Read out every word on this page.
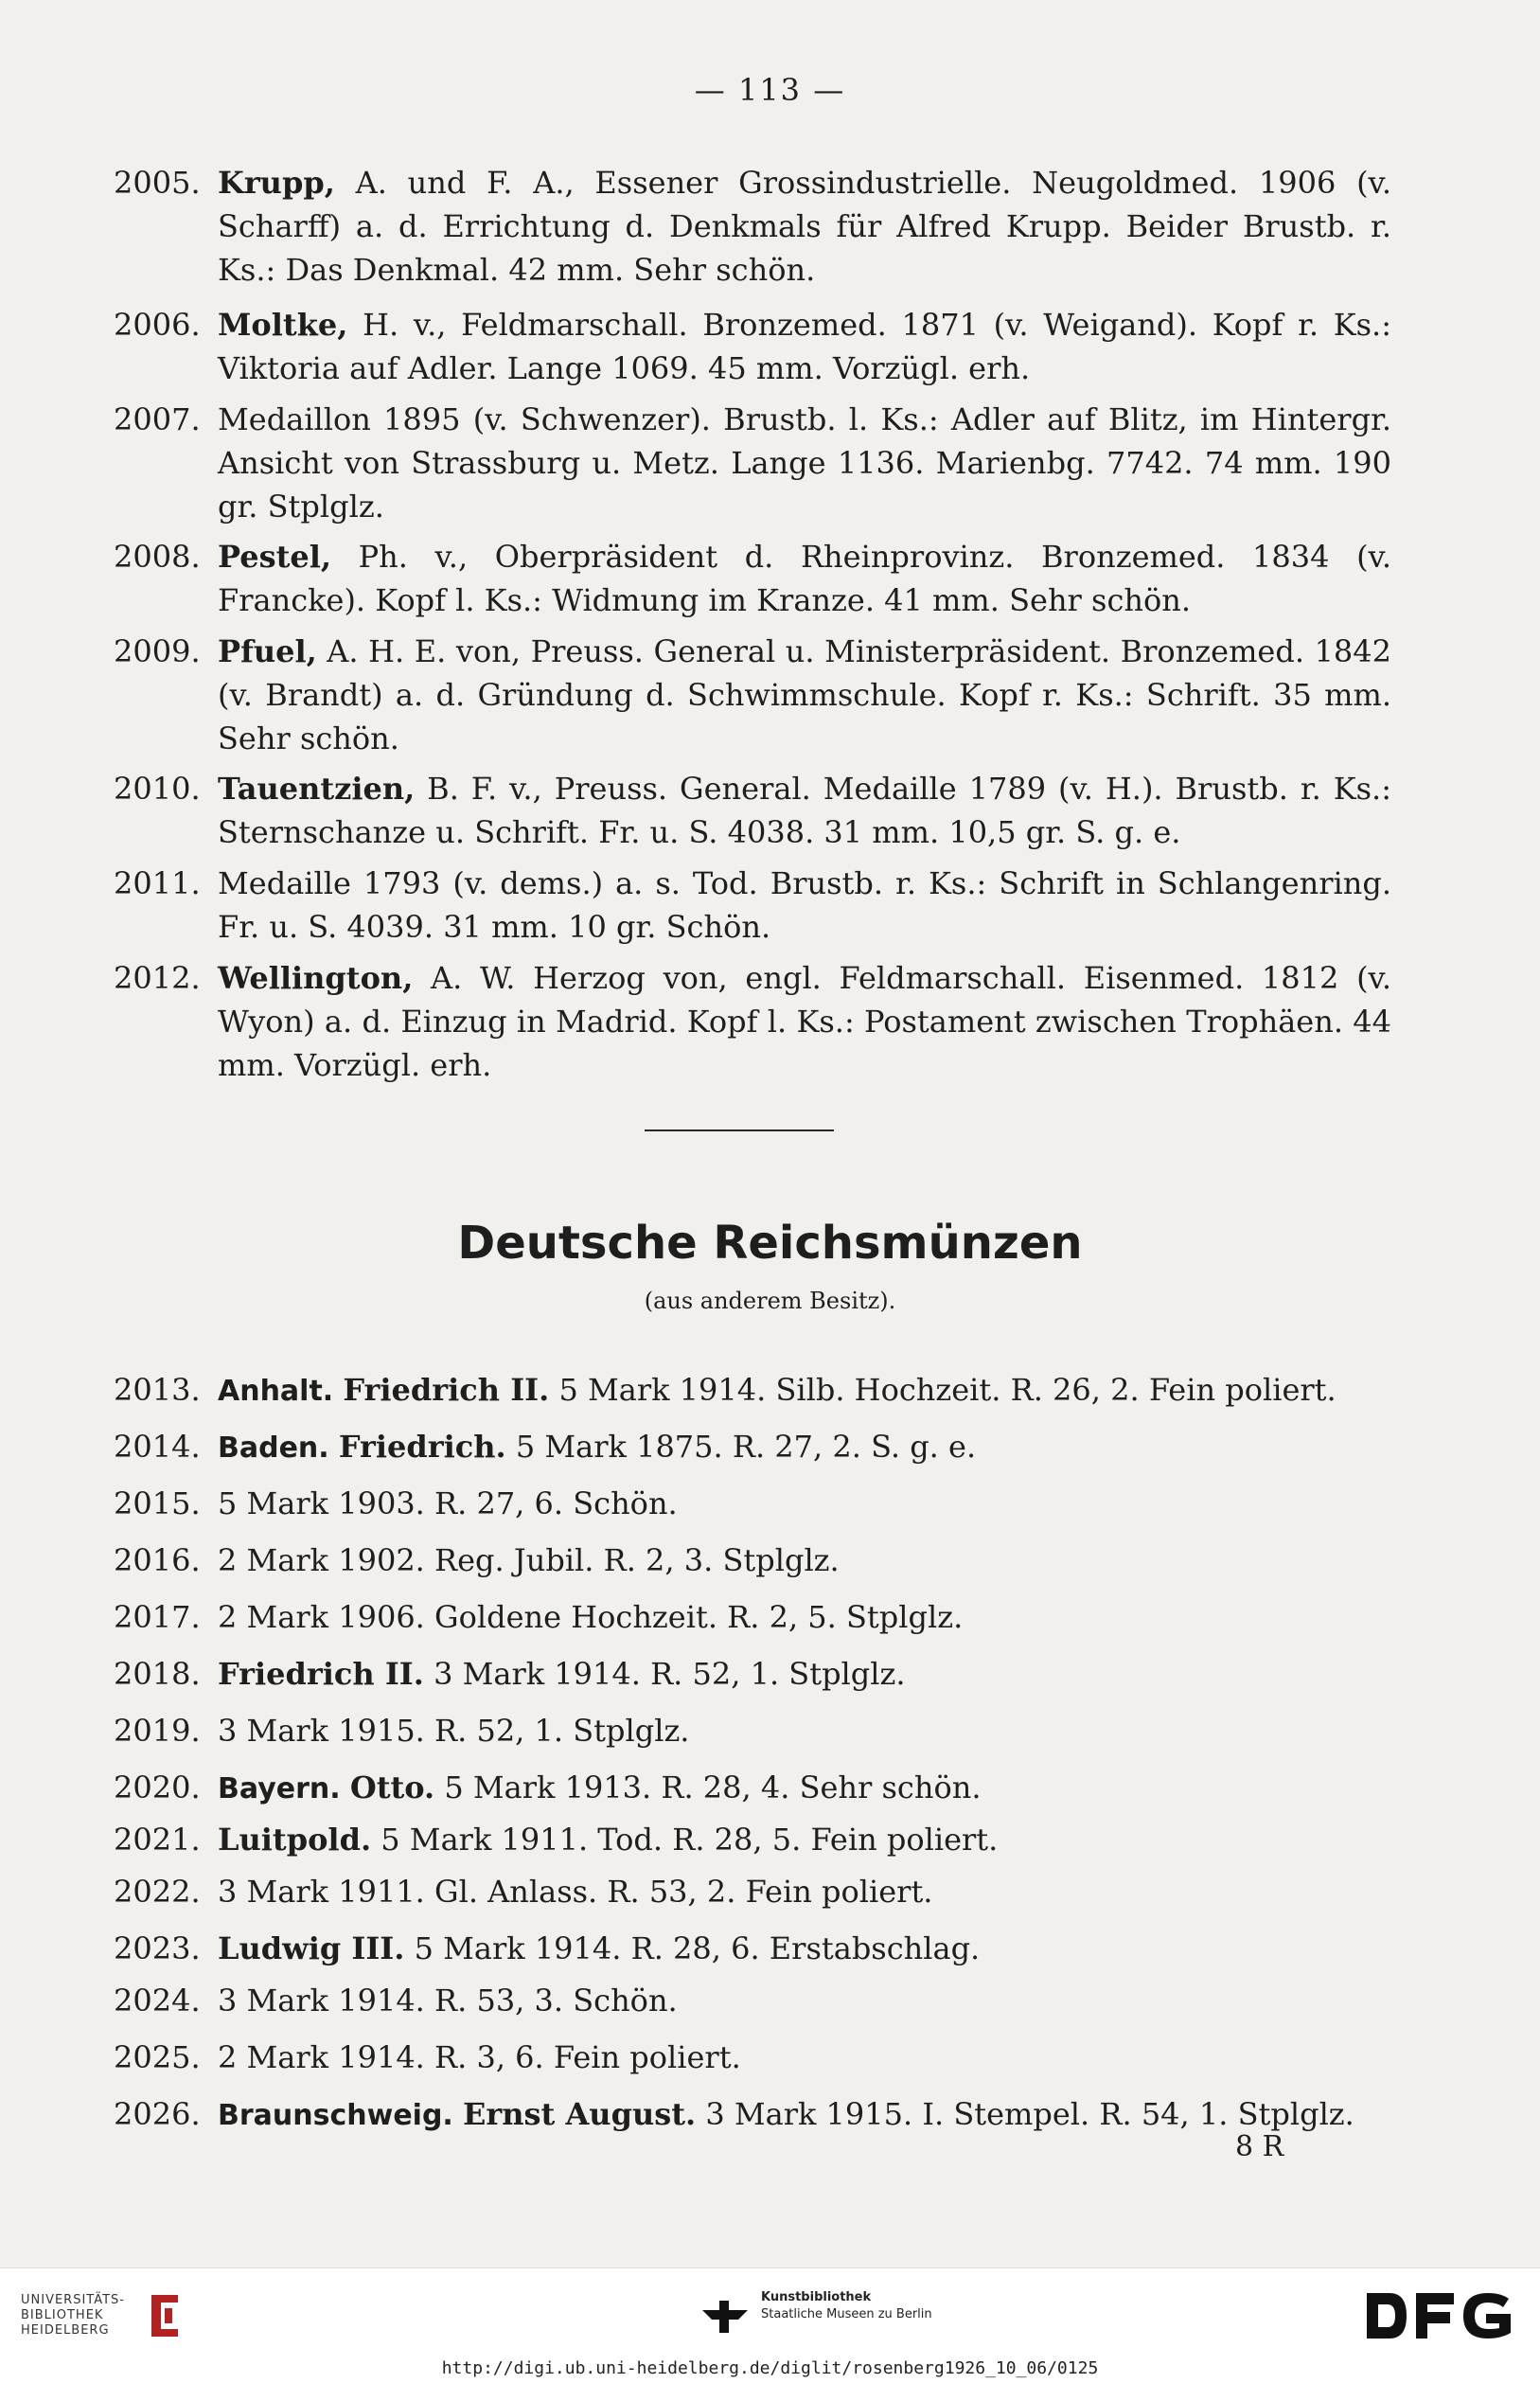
— 113 —
2005. Krupp, A. und F. A., Essener Grossindustrielle. Neugoldmed. 1906 (v. Scharff) a. d. Errichtung d. Denkmals für Alfred Krupp. Beider Brustb. r. Ks.: Das Denkmal. 42 mm. Sehr schön.
2006. Moltke, H. v., Feldmarschall. Bronzemed. 1871 (v. Weigand). Kopf r. Ks.: Viktoria auf Adler. Lange 1069. 45 mm. Vorzügl. erh.
2007. Medaillon 1895 (v. Schwenzer). Brustb. l. Ks.: Adler auf Blitz, im Hintergr. Ansicht von Strassburg u. Metz. Lange 1136. Marienbg. 7742. 74 mm. 190 gr. Stplglz.
2008. Pestel, Ph. v., Oberpräsident d. Rheinprovinz. Bronzemed. 1834 (v. Francke). Kopf l. Ks.: Widmung im Kranze. 41 mm. Sehr schön.
2009. Pfuel, A. H. E. von, Preuss. General u. Ministerpräsident. Bronzemed. 1842 (v. Brandt) a. d. Gründung d. Schwimmschule. Kopf r. Ks.: Schrift. 35 mm. Sehr schön.
2010. Tauentzien, B. F. v., Preuss. General. Medaille 1789 (v. H.). Brustb. r. Ks.: Sternschanze u. Schrift. Fr. u. S. 4038. 31 mm. 10,5 gr. S. g. e.
2011. Medaille 1793 (v. dems.) a. s. Tod. Brustb. r. Ks.: Schrift in Schlangenring. Fr. u. S. 4039. 31 mm. 10 gr. Schön.
2012. Wellington, A. W. Herzog von, engl. Feldmarschall. Eisenmed. 1812 (v. Wyon) a. d. Einzug in Madrid. Kopf l. Ks.: Postament zwischen Trophäen. 44 mm. Vorzügl. erh.
Deutsche Reichsmünzen
(aus anderem Besitz).
2013. Anhalt. Friedrich II. 5 Mark 1914. Silb. Hochzeit. R. 26, 2. Fein poliert.
2014. Baden. Friedrich. 5 Mark 1875. R. 27, 2. S. g. e.
2015. 5 Mark 1903. R. 27, 6. Schön.
2016. 2 Mark 1902. Reg. Jubil. R. 2, 3. Stplglz.
2017. 2 Mark 1906. Goldene Hochzeit. R. 2, 5. Stplglz.
2018. Friedrich II. 3 Mark 1914. R. 52, 1. Stplglz.
2019. 3 Mark 1915. R. 52, 1. Stplglz.
2020. Bayern. Otto. 5 Mark 1913. R. 28, 4. Sehr schön.
2021. Luitpold. 5 Mark 1911. Tod. R. 28, 5. Fein poliert.
2022. 3 Mark 1911. Gl. Anlass. R. 53, 2. Fein poliert.
2023. Ludwig III. 5 Mark 1914. R. 28, 6. Erstabschlag.
2024. 3 Mark 1914. R. 53, 3. Schön.
2025. 2 Mark 1914. R. 3, 6. Fein poliert.
2026. Braunschweig. Ernst August. 3 Mark 1915. I. Stempel. R. 54, 1. Stplglz.
8 R
UNIVERSITÄTS-
BIBLIOTHEK
HEIDELBERG
Kunstbibliothek
Staatliche Museen zu Berlin
http://digi.ub.uni-heidelberg.de/diglit/rosenberg1926_10_06/0125
